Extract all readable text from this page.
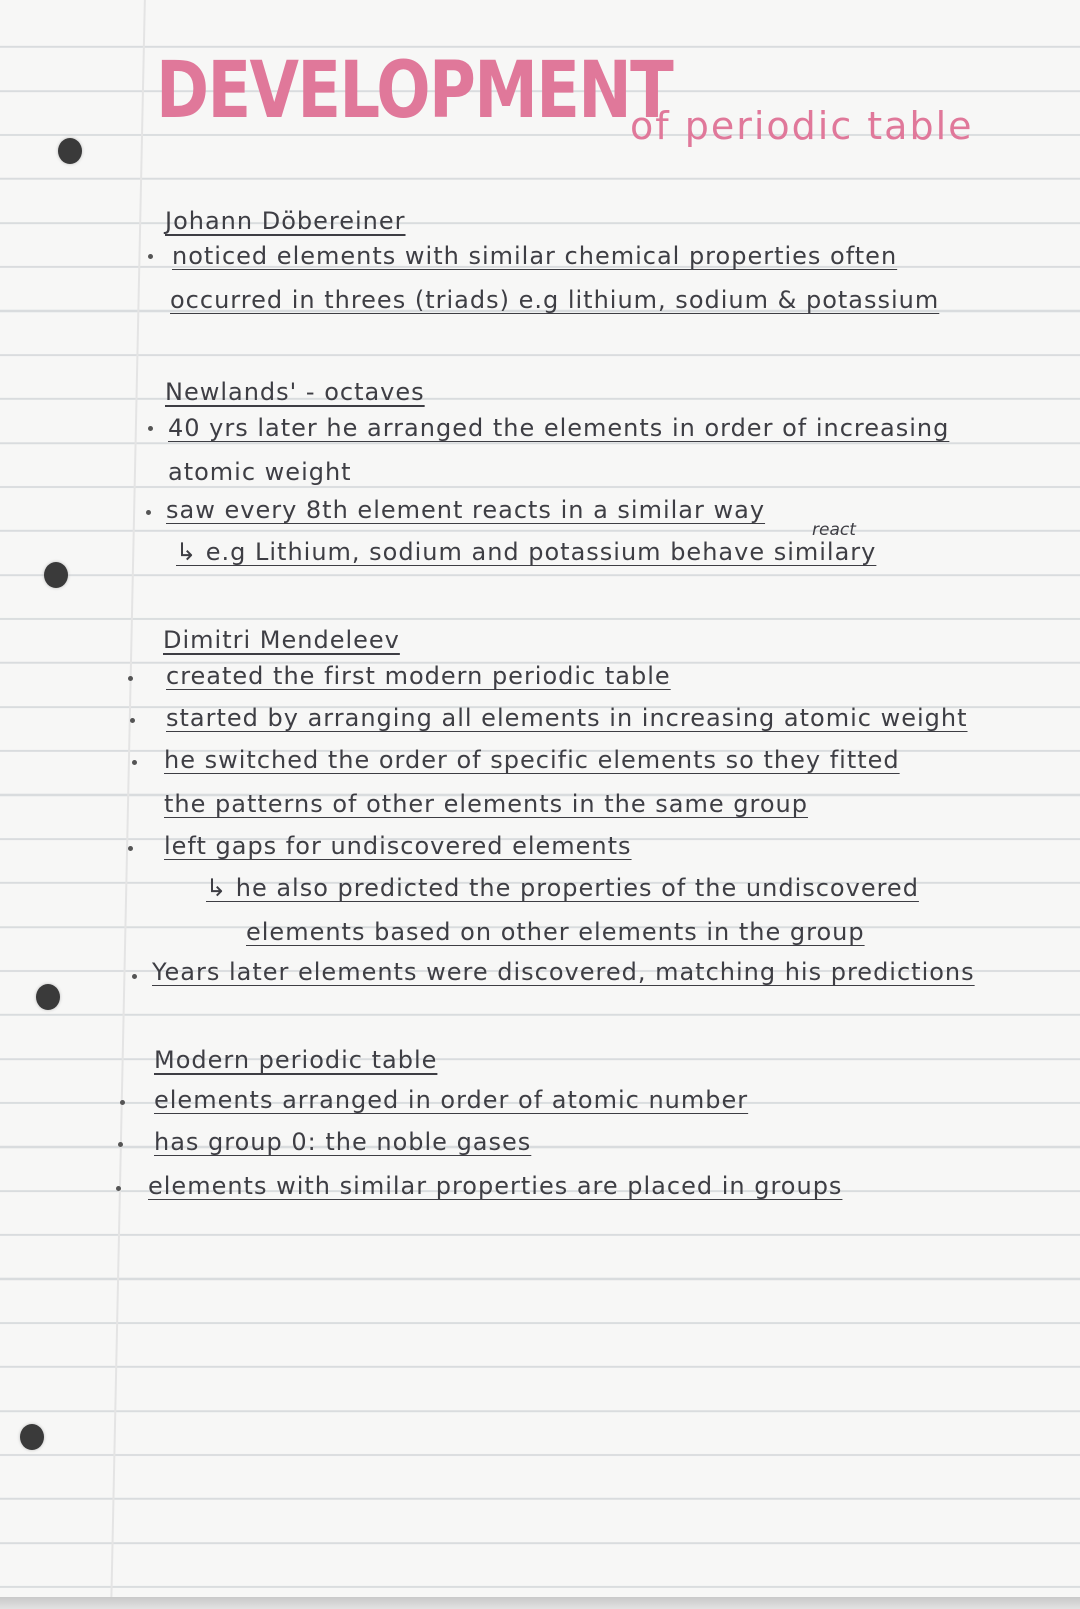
DEVELOPMENT
of periodic table
Johann Döbereiner
noticed elements with similar chemical properties often
occurred in threes (triads) e.g lithium, sodium & potassium
Newlands' - octaves
40 yrs later he arranged the elements in order of increasing
atomic weight
saw every 8th element reacts in a similar way
react
↳ e.g Lithium, sodium and potassium behave similary
Dimitri Mendeleev
created the first modern periodic table
started by arranging all elements in increasing atomic weight
he switched the order of specific elements so they fitted
the patterns of other elements in the same group
left gaps for undiscovered elements
↳ he also predicted the properties of the undiscovered
elements based on other elements in the group
Years later elements were discovered, matching his predictions
Modern periodic table
elements arranged in order of atomic number
has group 0: the noble gases
elements with similar properties are placed in groups
